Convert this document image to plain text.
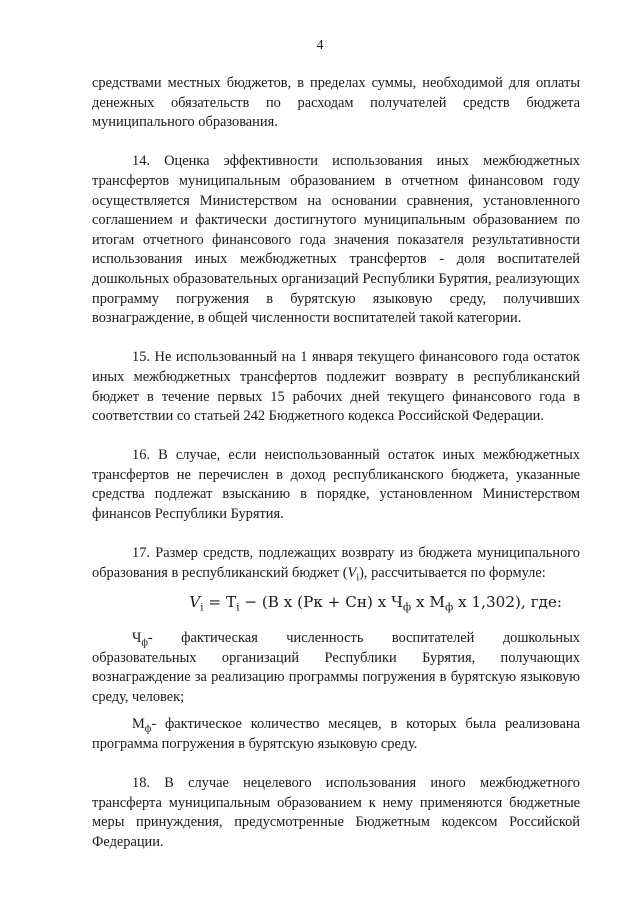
4

средствами местных бюджетов, в пределах суммы, необходимой для оплаты денежных обязательств по расходам получателей средств бюджета муниципального образования.

14. Оценка эффективности использования иных межбюджетных трансфертов муниципальным образованием в отчетном финансовом году осуществляется Министерством на основании сравнения, установленного соглашением и фактически достигнутого муниципальным образованием по итогам отчетного финансового года значения показателя результативности использования иных межбюджетных трансфертов - доля воспитателей дошкольных образовательных организаций Республики Бурятия, реализующих программу погружения в бурятскую языковую среду, получивших вознаграждение, в общей численности воспитателей такой категории.

15. Не использованный на 1 января текущего финансового года остаток иных межбюджетных трансфертов подлежит возврату в республиканский бюджет в течение первых 15 рабочих дней текущего финансового года в соответствии со статьей 242 Бюджетного кодекса Российской Федерации.

16. В случае, если неиспользованный остаток иных межбюджетных трансфертов не перечислен в доход республиканского бюджета, указанные средства подлежат взысканию в порядке, установленном Министерством финансов Республики Бурятия.

17. Размер средств, подлежащих возврату из бюджета муниципального образования в республиканский бюджет $(V_i)$, рассчитывается по формуле:

$V_i = T_i - (В$ х (Рк + Сн) х $Ч_ф$ х $М_ф$ х 1,302), где:

$Ч_ф-$ фактическая численность воспитателей дошкольных образовательных организаций Республики Бурятия, получающих вознаграждение за реализацию программы погружения в бурятскую языковую среду, человек;

$М_ф-$ фактическое количество месяцев, в которых была реализована программа погружения в бурятскую языковую среду.

18. В случае нецелевого использования иного межбюджетного трансферта муниципальным образованием к нему применяются бюджетные меры принуждения, предусмотренные Бюджетным кодексом Российской Федерации.
